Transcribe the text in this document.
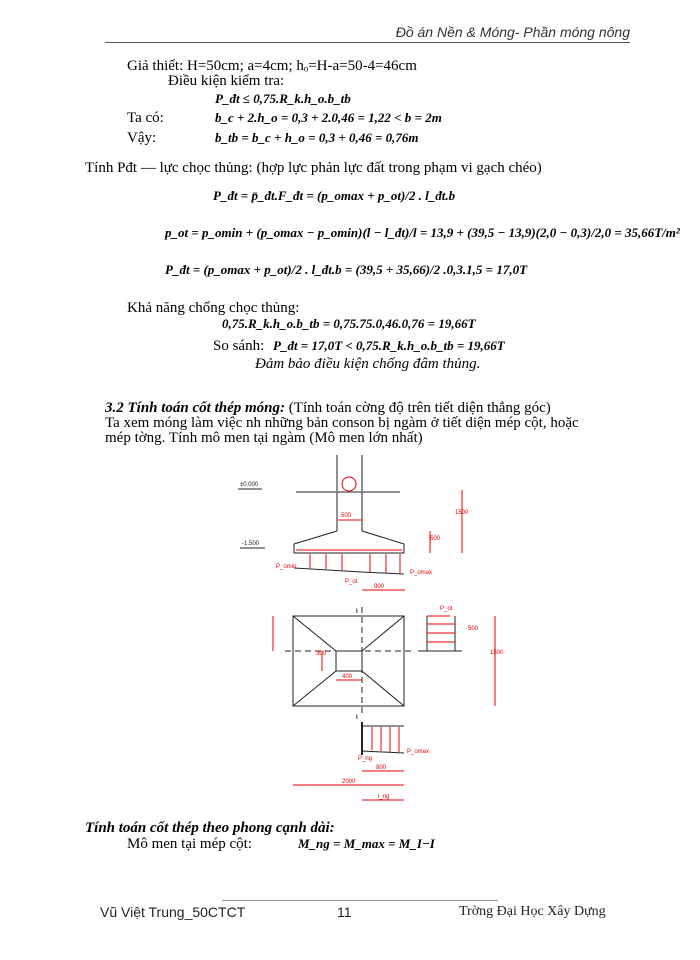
Đồ án Nền & Móng- Phần móng nông
Giả thiết: H=50cm; a=4cm; hₒ=H-a=50-4=46cm
Điều kiện kiểm tra:
P_đt ≤ 0,75.R_k.h_o.b_tb
Ta có:	b_c + 2.h_o = 0,3 + 2.0,46 = 1,22 < b = 2m
Vậy:	b_tb = b_c + h_o = 0,3 + 0,46 = 0,76m
Tính Pđt — lực chọc thủng: (hợp lực phản lực đất trong phạm vi gạch chéo)
P_đt = p̄_đt.F_đt = (p_omax + p_ot)/2 . l_đt.b
p_ot = p_omin + (p_omax − p_omin)(l − l_đt)/l = 13,9 + (39,5 − 13,9)(2,0 − 0,3)/2,0 = 35,66T/m²
P_đt = (p_omax + p_ot)/2 . l_đt.b = (39,5 + 35,66)/2 .0,3.1,5 = 17,0T
Khả năng chống chọc thủng:
0,75.R_k.h_o.b_tb = 0,75.75.0,46.0,76 = 19,66T
So sánh: P_đt = 17,0T < 0,75.R_k.h_o.b_tb = 19,66T
Đảm bảo điều kiện chống đâm thủng.
3.2 Tính toán cốt thép móng: (Tính toán cờng độ trên tiết diện thẳng góc)
Ta xem móng làm việc nh những bản conson bị ngàm ở tiết diện mép cột, hoặc
mép tờng. Tính mô men tại ngàm (Mô men lớn nhất)
±0.000
-1.500
I
I
500	1500
500
900
P_omin
P_omax
P_ot
P_ot
500
1500
300
400
P_ng
P_omax
800
2000
l_ng
Tính toán cốt thép theo phong cạnh dài:
Mô men tại mép cột:	M_ng = M_max = M_I−I
Vũ Việt Trung_50CTCT	11	Trờng Đại Học Xây Dựng
